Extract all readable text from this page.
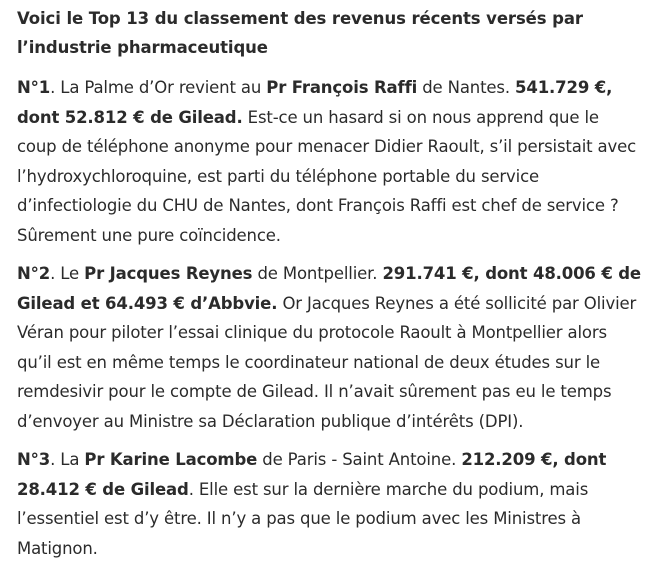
Voici le Top 13 du classement des revenus récents versés par l’industrie pharmaceutique

N°1. La Palme d’Or revient au Pr François Raffi de Nantes. 541.729 €, dont 52.812 € de Gilead. Est-ce un hasard si on nous apprend que le coup de téléphone anonyme pour menacer Didier Raoult, s’il persistait avec l’hydroxychloroquine, est parti du téléphone portable du service d’infectiologie du CHU de Nantes, dont François Raffi est chef de service ? Sûrement une pure coïncidence.

N°2. Le Pr Jacques Reynes de Montpellier. 291.741 €, dont 48.006 € de Gilead et 64.493 € d’Abbvie. Or Jacques Reynes a été sollicité par Olivier Véran pour piloter l’essai clinique du protocole Raoult à Montpellier alors qu’il est en même temps le coordinateur national de deux études sur le remdesivir pour le compte de Gilead. Il n’avait sûrement pas eu le temps d’envoyer au Ministre sa Déclaration publique d’intérêts (DPI).

N°3. La Pr Karine Lacombe de Paris - Saint Antoine. 212.209 €, dont 28.412 € de Gilead. Elle est sur la dernière marche du podium, mais l’essentiel est d’y être. Il n’y a pas que le podium avec les Ministres à Matignon.
